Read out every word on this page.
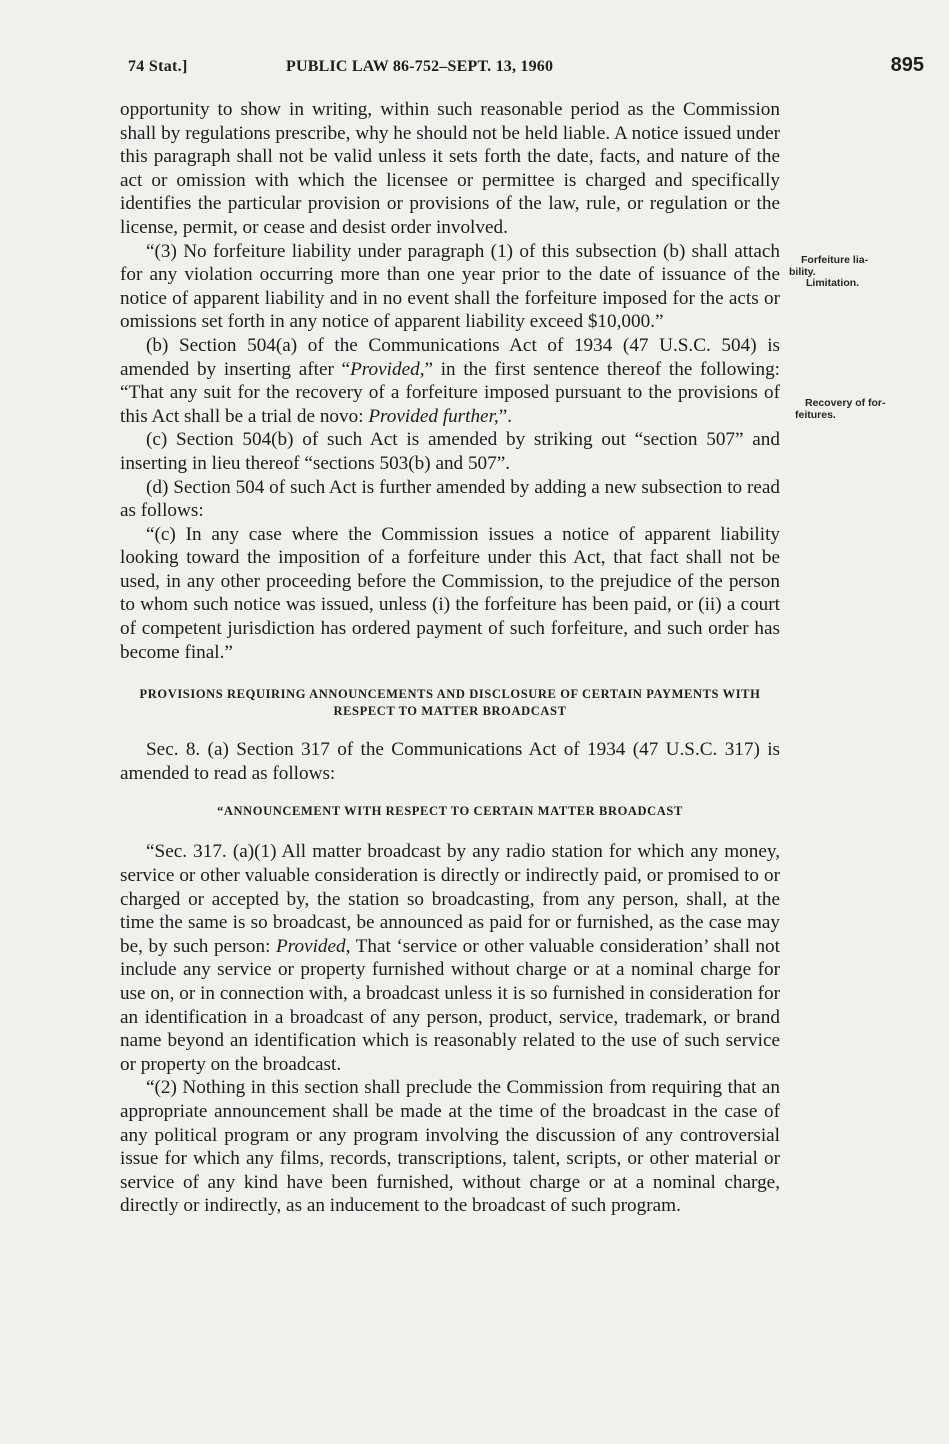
74 Stat.]	PUBLIC LAW 86-752–SEPT. 13, 1960	895
Forfeiture lia-
bility.
Limitation.
Recovery of for-
feitures.

opportunity to show in writing, within such reasonable period as the Commission shall by regulations prescribe, why he should not be held liable. A notice issued under this paragraph shall not be valid unless it sets forth the date, facts, and nature of the act or omission with which the licensee or permittee is charged and specifically identifies the particular provision or provisions of the law, rule, or regulation or the license, permit, or cease and desist order involved.

“(3) No forfeiture liability under paragraph (1) of this subsection (b) shall attach for any violation occurring more than one year prior to the date of issuance of the notice of apparent liability and in no event shall the forfeiture imposed for the acts or omissions set forth in any notice of apparent liability exceed $10,000.”

(b) Section 504(a) of the Communications Act of 1934 (47 U.S.C. 504) is amended by inserting after “Provided,” in the first sentence thereof the following: “That any suit for the recovery of a forfeiture imposed pursuant to the provisions of this Act shall be a trial de novo: Provided further,”.

(c) Section 504(b) of such Act is amended by striking out “section 507” and inserting in lieu thereof “sections 503(b) and 507”.

(d) Section 504 of such Act is further amended by adding a new subsection to read as follows:

“(c) In any case where the Commission issues a notice of apparent liability looking toward the imposition of a forfeiture under this Act, that fact shall not be used, in any other proceeding before the Commission, to the prejudice of the person to whom such notice was issued, unless (i) the forfeiture has been paid, or (ii) a court of competent jurisdiction has ordered payment of such forfeiture, and such order has become final.”

PROVISIONS REQUIRING ANNOUNCEMENTS AND DISCLOSURE OF CERTAIN PAYMENTS WITH RESPECT TO MATTER BROADCAST

Sec. 8. (a) Section 317 of the Communications Act of 1934 (47 U.S.C. 317) is amended to read as follows:

“ANNOUNCEMENT WITH RESPECT TO CERTAIN MATTER BROADCAST

“Sec. 317. (a)(1) All matter broadcast by any radio station for which any money, service or other valuable consideration is directly or indirectly paid, or promised to or charged or accepted by, the station so broadcasting, from any person, shall, at the time the same is so broadcast, be announced as paid for or furnished, as the case may be, by such person: Provided, That ‘service or other valuable consideration’ shall not include any service or property furnished without charge or at a nominal charge for use on, or in connection with, a broadcast unless it is so furnished in consideration for an identification in a broadcast of any person, product, service, trademark, or brand name beyond an identification which is reasonably related to the use of such service or property on the broadcast.

“(2) Nothing in this section shall preclude the Commission from requiring that an appropriate announcement shall be made at the time of the broadcast in the case of any political program or any program involving the discussion of any controversial issue for which any films, records, transcriptions, talent, scripts, or other material or service of any kind have been furnished, without charge or at a nominal charge, directly or indirectly, as an inducement to the broadcast of such program.
